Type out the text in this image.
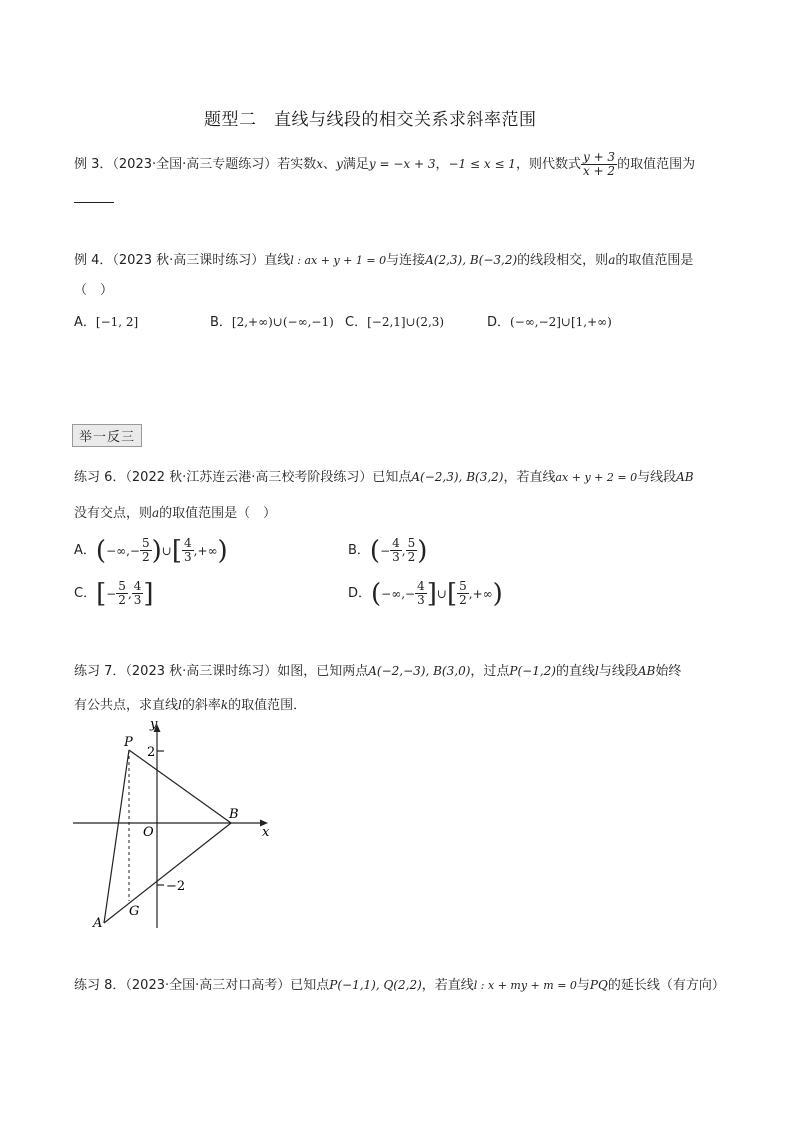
题型二　直线与线段的相交关系求斜率范围
例 3．（2023·全国·高三专题练习）若实数x、y满足y = −x + 3，−1 ≤ x ≤ 1，则代数式 $\frac{y + 3}{x + 2}$ 的取值范围为
例 4．（2023 秋·高三课时练习）直线l : ax + y + 1 = 0与连接A(2,3), B(−3,2)的线段相交，则a的取值范围是
（　）
A．[−1, 2]	B．[2,+∞)∪(−∞,−1) C．[−2,1]∪(2,3)	D．(−∞,−2]∪[1,+∞)
举一反三
练习 6．（2022 秋·江苏连云港·高三校考阶段练习）已知点A(−2,3), B(3,2)，若直线ax + y + 2 = 0与线段AB
没有交点，则a的取值范围是（　）
A． ( −∞,− $\frac{5}{2}$ ) ∪ [ $\frac{4}{3}$ ,+∞ )	B． ( − $\frac{4}{3}$ , $\frac{5}{2}$ )
C． [ − $\frac{5}{2}$ , $\frac{4}{3}$ ]	D． ( −∞,− $\frac{4}{3}$ ] ∪ [ $\frac{5}{2}$ ,+∞ )
练习 7．（2023 秋·高三课时练习）如图，已知两点A(−2,−3), B(3,0)，过点P(−1,2)的直线l与线段AB始终
有公共点，求直线l的斜率k的取值范围．
y
x
2
−2
P
O
B
A
G
练习 8．（2023·全国·高三对口高考）已知点P(−1,1), Q(2,2)，若直线l : x + my + m = 0与PQ的延长线（有方向）
